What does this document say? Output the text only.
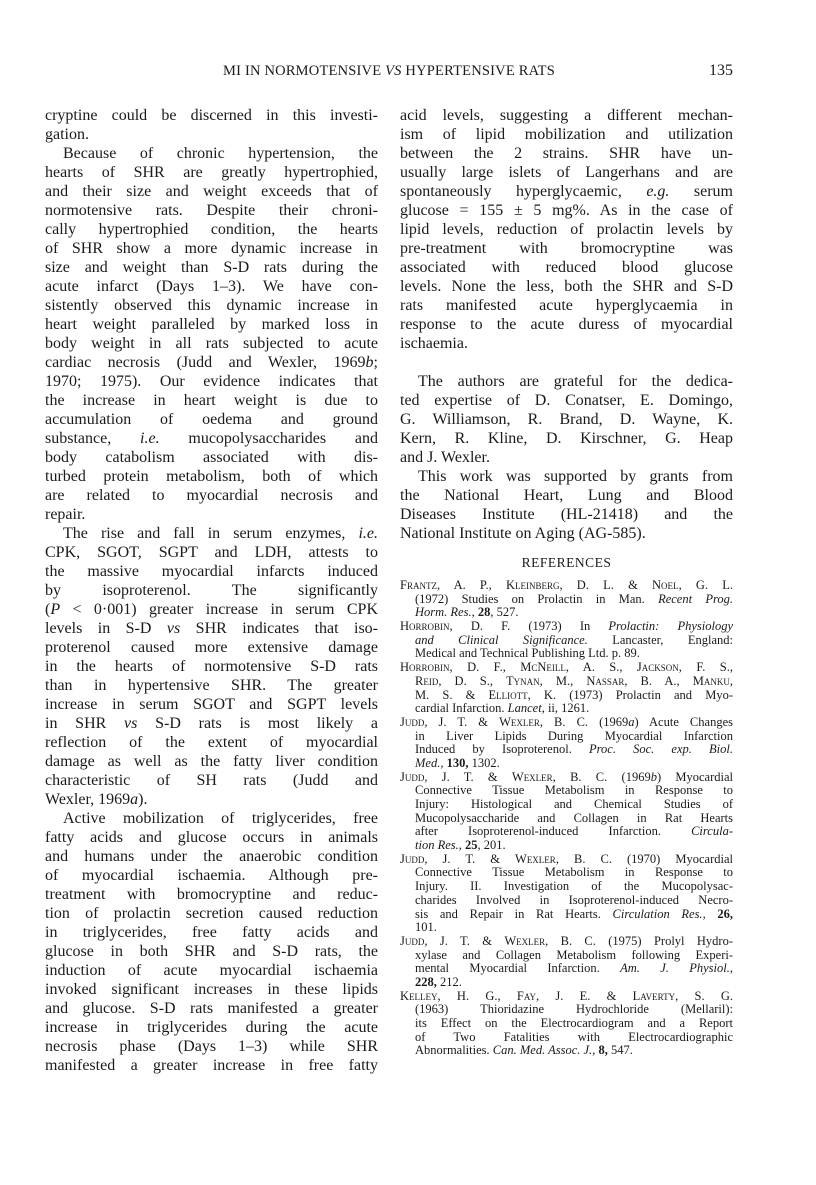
MI IN NORMOTENSIVE VS HYPERTENSIVE RATS	135
cryptine could be discerned in this investi-
gation.
Because of chronic hypertension, the
hearts of SHR are greatly hypertrophied,
and their size and weight exceeds that of
normotensive rats. Despite their chroni-
cally hypertrophied condition, the hearts
of SHR show a more dynamic increase in
size and weight than S-D rats during the
acute infarct (Days 1–3). We have con-
sistently observed this dynamic increase in
heart weight paralleled by marked loss in
body weight in all rats subjected to acute
cardiac necrosis (Judd and Wexler, 1969b;
1970; 1975). Our evidence indicates that
the increase in heart weight is due to
accumulation of oedema and ground
substance, i.e. mucopolysaccharides and
body catabolism associated with dis-
turbed protein metabolism, both of which
are related to myocardial necrosis and
repair.
The rise and fall in serum enzymes, i.e.
CPK, SGOT, SGPT and LDH, attests to
the massive myocardial infarcts induced
by isoproterenol. The significantly
(P < 0·001) greater increase in serum CPK
levels in S-D vs SHR indicates that iso-
proterenol caused more extensive damage
in the hearts of normotensive S-D rats
than in hypertensive SHR. The greater
increase in serum SGOT and SGPT levels
in SHR vs S-D rats is most likely a
reflection of the extent of myocardial
damage as well as the fatty liver condition
characteristic of SH rats (Judd and
Wexler, 1969a).
Active mobilization of triglycerides, free
fatty acids and glucose occurs in animals
and humans under the anaerobic condition
of myocardial ischaemia. Although pre-
treatment with bromocryptine and reduc-
tion of prolactin secretion caused reduction
in triglycerides, free fatty acids and
glucose in both SHR and S-D rats, the
induction of acute myocardial ischaemia
invoked significant increases in these lipids
and glucose. S-D rats manifested a greater
increase in triglycerides during the acute
necrosis phase (Days 1–3) while SHR
manifested a greater increase in free fatty
acid levels, suggesting a different mechan-
ism of lipid mobilization and utilization
between the 2 strains. SHR have un-
usually large islets of Langerhans and are
spontaneously hyperglycaemic, e.g. serum
glucose = 155 ± 5 mg%. As in the case of
lipid levels, reduction of prolactin levels by
pre-treatment with bromocryptine was
associated with reduced blood glucose
levels. None the less, both the SHR and S-D
rats manifested acute hyperglycaemia in
response to the acute duress of myocardial
ischaemia.
The authors are grateful for the dedica-
ted expertise of D. Conatser, E. Domingo,
G. Williamson, R. Brand, D. Wayne, K.
Kern, R. Kline, D. Kirschner, G. Heap
and J. Wexler.
This work was supported by grants from
the National Heart, Lung and Blood
Diseases Institute (HL-21418) and the
National Institute on Aging (AG-585).
REFERENCES
Frantz, A. P., Kleinberg, D. L. & Noel, G. L.
(1972) Studies on Prolactin in Man. Recent Prog.
Horm. Res., 28, 527.
Horrobin, D. F. (1973) In Prolactin: Physiology
and Clinical Significance. Lancaster, England:
Medical and Technical Publishing Ltd. p. 89.
Horrobin, D. F., McNeill, A. S., Jackson, F. S.,
Reid, D. S., Tynan, M., Nassar, B. A., Manku,
M. S. & Elliott, K. (1973) Prolactin and Myo-
cardial Infarction. Lancet, ii, 1261.
Judd, J. T. & Wexler, B. C. (1969a) Acute Changes
in Liver Lipids During Myocardial Infarction
Induced by Isoproterenol. Proc. Soc. exp. Biol.
Med., 130, 1302.
Judd, J. T. & Wexler, B. C. (1969b) Myocardial
Connective Tissue Metabolism in Response to
Injury: Histological and Chemical Studies of
Mucopolysaccharide and Collagen in Rat Hearts
after Isoproterenol-induced Infarction. Circula-
tion Res., 25, 201.
Judd, J. T. & Wexler, B. C. (1970) Myocardial
Connective Tissue Metabolism in Response to
Injury. II. Investigation of the Mucopolysac-
charides Involved in Isoproterenol-induced Necro-
sis and Repair in Rat Hearts. Circulation Res., 26,
101.
Judd, J. T. & Wexler, B. C. (1975) Prolyl Hydro-
xylase and Collagen Metabolism following Experi-
mental Myocardial Infarction. Am. J. Physiol.,
228, 212.
Kelley, H. G., Fay, J. E. & Laverty, S. G.
(1963) Thioridazine Hydrochloride (Mellaril):
its Effect on the Electrocardiogram and a Report
of Two Fatalities with Electrocardiographic
Abnormalities. Can. Med. Assoc. J., 8, 547.
